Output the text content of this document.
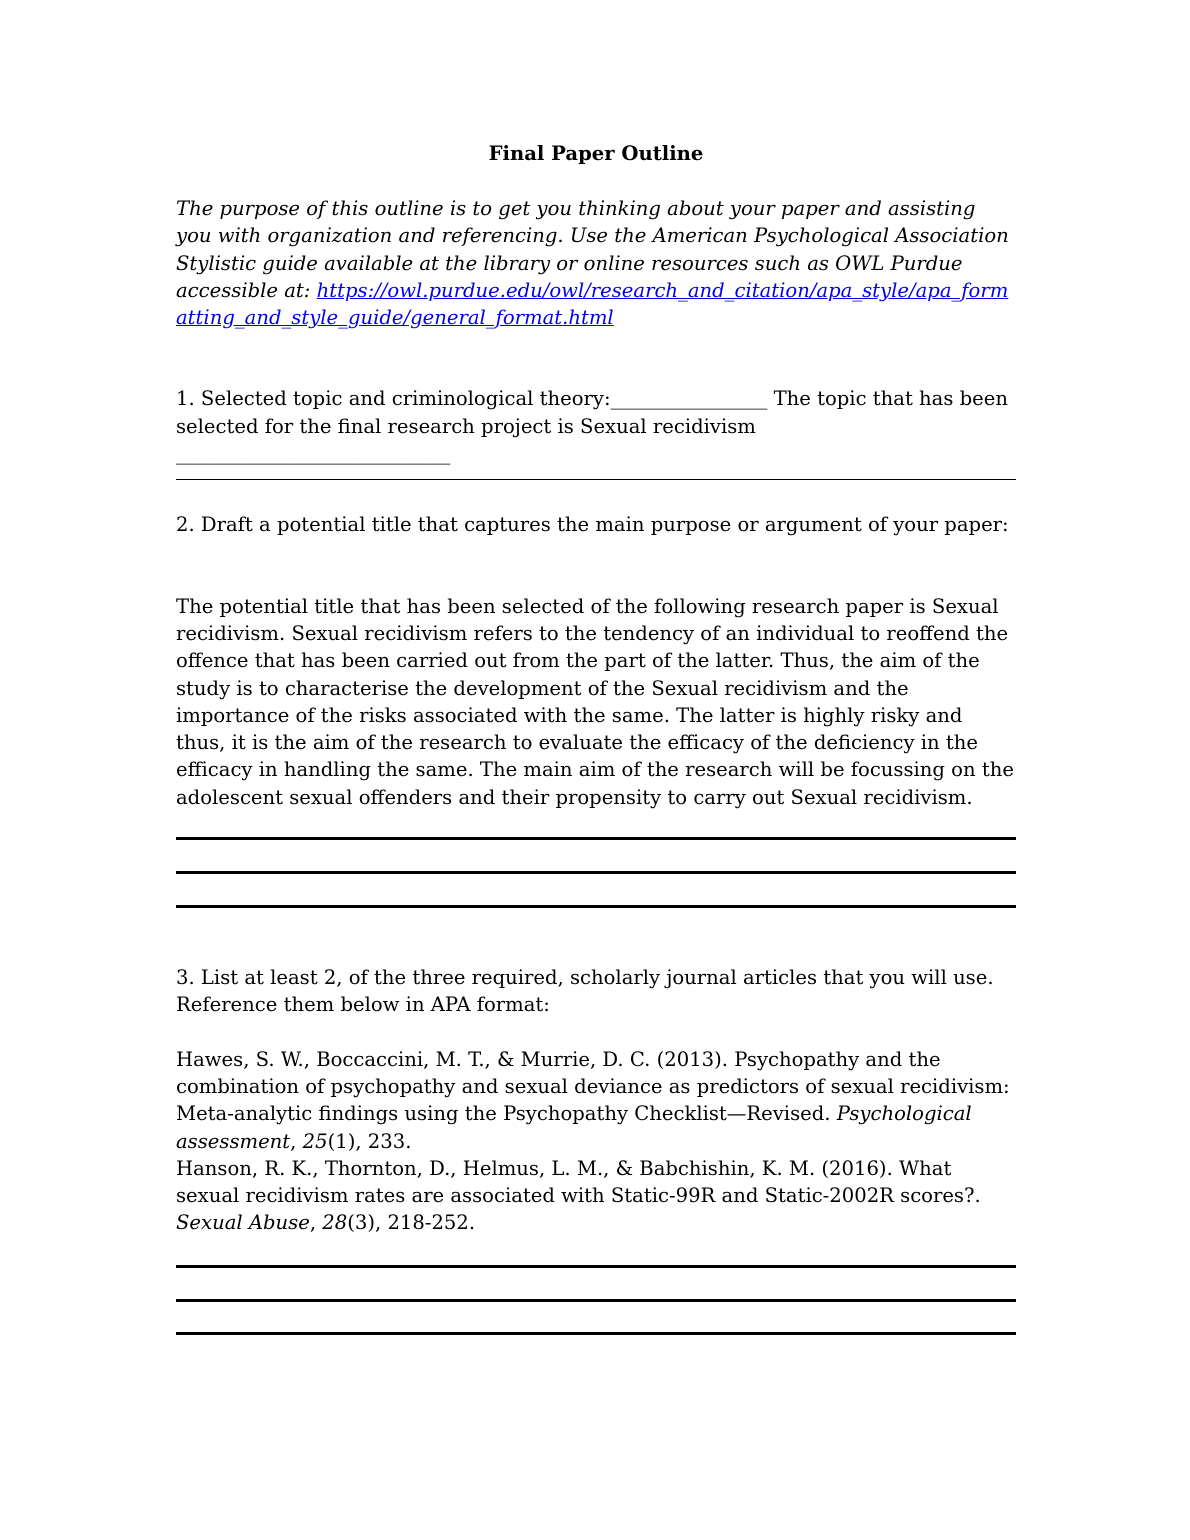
Final Paper Outline

The purpose of this outline is to get you thinking about your paper and assisting you with organization and referencing. Use the American Psychological Association Stylistic guide available at the library or online resources such as OWL Purdue accessible at: https://owl.purdue.edu/owl/research_and_citation/apa_style/apa_formatting_and_style_guide/general_format.html

1. Selected topic and criminological theory:________________ The topic that has been selected for the final research project is Sexual recidivism ____________________________

2. Draft a potential title that captures the main purpose or argument of your paper:

The potential title that has been selected of the following research paper is Sexual recidivism. Sexual recidivism refers to the tendency of an individual to reoffend the offence that has been carried out from the part of the latter. Thus, the aim of the study is to characterise the development of the Sexual recidivism and the importance of the risks associated with the same. The latter is highly risky and thus, it is the aim of the research to evaluate the efficacy of the deficiency in the efficacy in handling the same. The main aim of the research will be focussing on the adolescent sexual offenders and their propensity to carry out Sexual recidivism.

3. List at least 2, of the three required, scholarly journal articles that you will use. Reference them below in APA format:

Hawes, S. W., Boccaccini, M. T., & Murrie, D. C. (2013). Psychopathy and the combination of psychopathy and sexual deviance as predictors of sexual recidivism: Meta-analytic findings using the Psychopathy Checklist—Revised. Psychological assessment, 25(1), 233.

Hanson, R. K., Thornton, D., Helmus, L. M., & Babchishin, K. M. (2016). What sexual recidivism rates are associated with Static-99R and Static-2002R scores?. Sexual Abuse, 28(3), 218-252.
